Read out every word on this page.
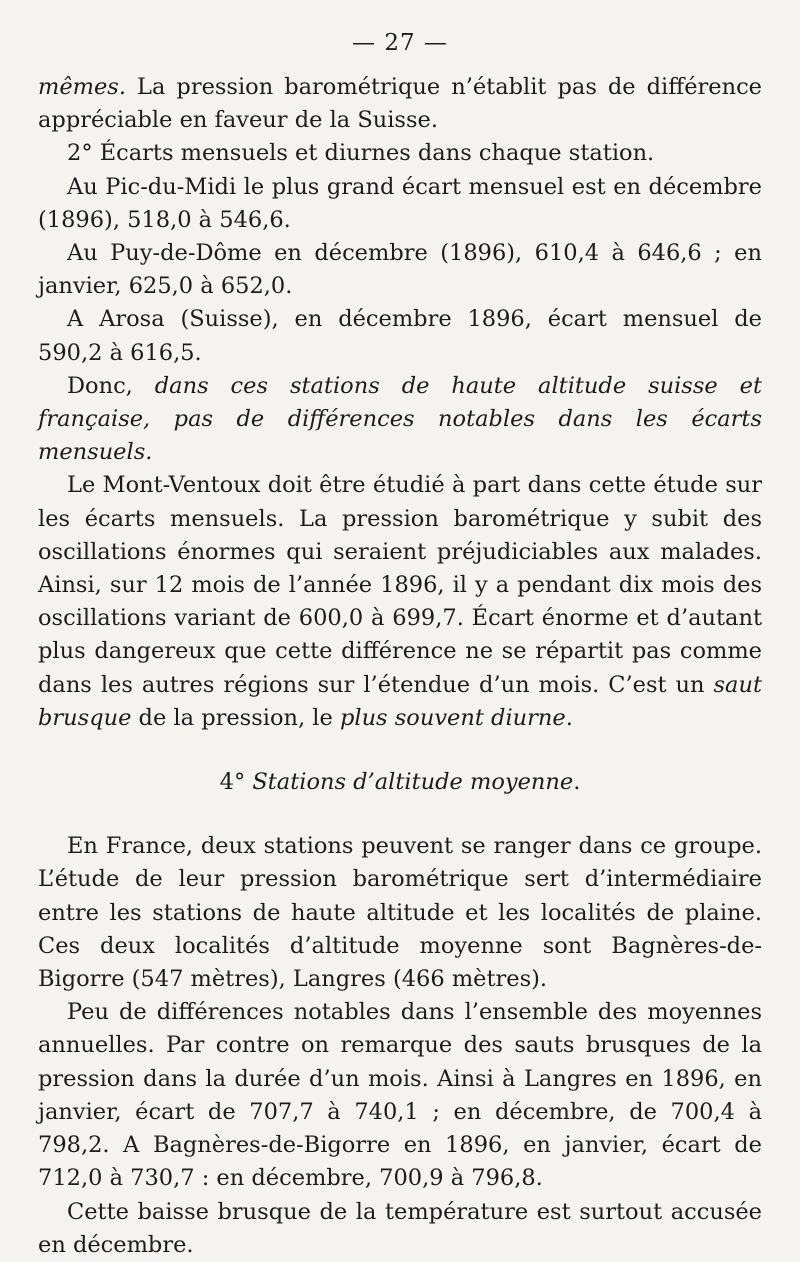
— 27 —

mêmes. La pression barométrique n’établit pas de différence appréciable en faveur de la Suisse.

2° Écarts mensuels et diurnes dans chaque station.

Au Pic-du-Midi le plus grand écart mensuel est en décembre (1896), 518,0 à 546,6.

Au Puy-de-Dôme en décembre (1896), 610,4 à 646,6 ; en janvier, 625,0 à 652,0.

A Arosa (Suisse), en décembre 1896, écart mensuel de 590,2 à 616,5.

Donc, dans ces stations de haute altitude suisse et française, pas de différences notables dans les écarts mensuels.

Le Mont-Ventoux doit être étudié à part dans cette étude sur les écarts mensuels. La pression barométrique y subit des oscillations énormes qui seraient préjudiciables aux malades. Ainsi, sur 12 mois de l’année 1896, il y a pendant dix mois des oscillations variant de 600,0 à 699,7. Écart énorme et d’autant plus dangereux que cette différence ne se répartit pas comme dans les autres régions sur l’étendue d’un mois. C’est un saut brusque de la pression, le plus souvent diurne.

4° Stations d’altitude moyenne.

En France, deux stations peuvent se ranger dans ce groupe. L’étude de leur pression barométrique sert d’intermédiaire entre les stations de haute altitude et les localités de plaine. Ces deux localités d’altitude moyenne sont Bagnères-de-Bigorre (547 mètres), Langres (466 mètres).

Peu de différences notables dans l’ensemble des moyennes annuelles. Par contre on remarque des sauts brusques de la pression dans la durée d’un mois. Ainsi à Langres en 1896, en janvier, écart de 707,7 à 740,1 ; en décembre, de 700,4 à 798,2. A Bagnères-de-Bigorre en 1896, en janvier, écart de 712,0 à 730,7 : en décembre, 700,9 à 796,8.

Cette baisse brusque de la température est surtout accusée en décembre.
